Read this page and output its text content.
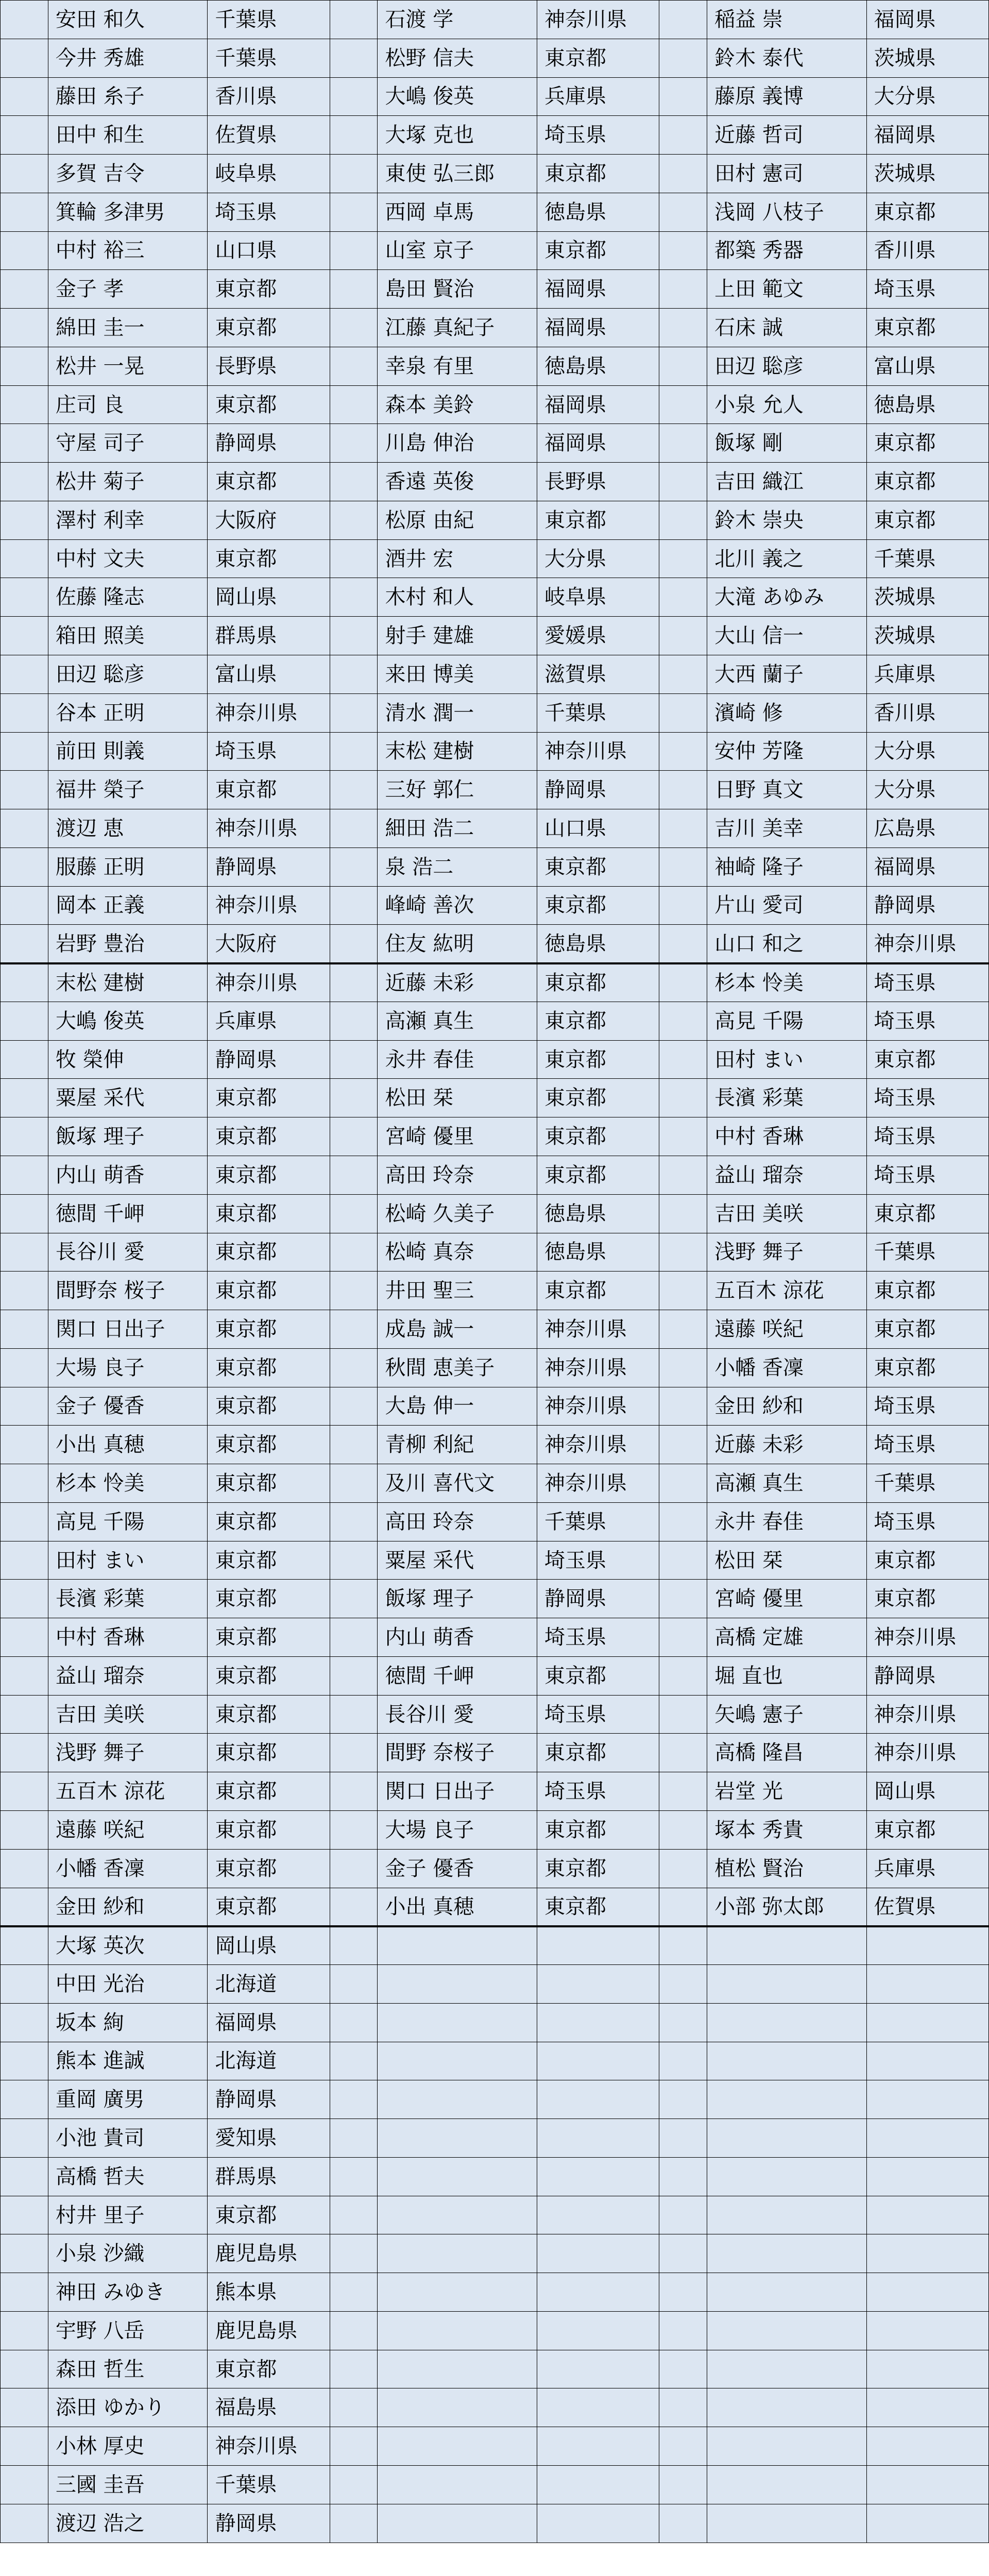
	安田 和久	千葉県		石渡 学	神奈川県		稲益 崇	福岡県
	今井 秀雄	千葉県		松野 信夫	東京都		鈴木 泰代	茨城県
	藤田 糸子	香川県		大嶋 俊英	兵庫県		藤原 義博	大分県
	田中 和生	佐賀県		大塚 克也	埼玉県		近藤 哲司	福岡県
	多賀 吉令	岐阜県		東使 弘三郎	東京都		田村 憲司	茨城県
	箕輪 多津男	埼玉県		西岡 卓馬	徳島県		浅岡 八枝子	東京都
	中村 裕三	山口県		山室 京子	東京都		都築 秀器	香川県
	金子 孝	東京都		島田 賢治	福岡県		上田 範文	埼玉県
	綿田 圭一	東京都		江藤 真紀子	福岡県		石床 誠	東京都
	松井 一晃	長野県		幸泉 有里	徳島県		田辺 聡彦	富山県
	庄司 良	東京都		森本 美鈴	福岡県		小泉 允人	徳島県
	守屋 司子	静岡県		川島 伸治	福岡県		飯塚 剛	東京都
	松井 菊子	東京都		香遠 英俊	長野県		吉田 織江	東京都
	澤村 利幸	大阪府		松原 由紀	東京都		鈴木 崇央	東京都
	中村 文夫	東京都		酒井 宏	大分県		北川 義之	千葉県
	佐藤 隆志	岡山県		木村 和人	岐阜県		大滝 あゆみ	茨城県
	箱田 照美	群馬県		射手 建雄	愛媛県		大山 信一	茨城県
	田辺 聡彦	富山県		来田 博美	滋賀県		大西 蘭子	兵庫県
	谷本 正明	神奈川県		清水 潤一	千葉県		濱崎 修	香川県
	前田 則義	埼玉県		末松 建樹	神奈川県		安仲 芳隆	大分県
	福井 榮子	東京都		三好 郭仁	静岡県		日野 真文	大分県
	渡辺 恵	神奈川県		細田 浩二	山口県		吉川 美幸	広島県
	服藤 正明	静岡県		泉 浩二	東京都		袖崎 隆子	福岡県
	岡本 正義	神奈川県		峰崎 善次	東京都		片山 愛司	静岡県
	岩野 豊治	大阪府		住友 紘明	徳島県		山口 和之	神奈川県
	末松 建樹	神奈川県		近藤 未彩	東京都		杉本 怜美	埼玉県
	大嶋 俊英	兵庫県		高瀬 真生	東京都		高見 千陽	埼玉県
	牧 榮伸	静岡県		永井 春佳	東京都		田村 まい	東京都
	粟屋 采代	東京都		松田 栞	東京都		長濱 彩葉	埼玉県
	飯塚 理子	東京都		宮崎 優里	東京都		中村 香琳	埼玉県
	内山 萌香	東京都		高田 玲奈	東京都		益山 瑠奈	埼玉県
	徳間 千岬	東京都		松崎 久美子	徳島県		吉田 美咲	東京都
	長谷川 愛	東京都		松崎 真奈	徳島県		浅野 舞子	千葉県
	間野奈 桜子	東京都		井田 聖三	東京都		五百木 涼花	東京都
	関口 日出子	東京都		成島 誠一	神奈川県		遠藤 咲紀	東京都
	大場 良子	東京都		秋間 恵美子	神奈川県		小幡 香凜	東京都
	金子 優香	東京都		大島 伸一	神奈川県		金田 紗和	埼玉県
	小出 真穂	東京都		青柳 利紀	神奈川県		近藤 未彩	埼玉県
	杉本 怜美	東京都		及川 喜代文	神奈川県		高瀬 真生	千葉県
	高見 千陽	東京都		高田 玲奈	千葉県		永井 春佳	埼玉県
	田村 まい	東京都		粟屋 采代	埼玉県		松田 栞	東京都
	長濱 彩葉	東京都		飯塚 理子	静岡県		宮崎 優里	東京都
	中村 香琳	東京都		内山 萌香	埼玉県		高橋 定雄	神奈川県
	益山 瑠奈	東京都		徳間 千岬	東京都		堀 直也	静岡県
	吉田 美咲	東京都		長谷川 愛	埼玉県		矢嶋 憲子	神奈川県
	浅野 舞子	東京都		間野 奈桜子	東京都		高橋 隆昌	神奈川県
	五百木 涼花	東京都		関口 日出子	埼玉県		岩堂 光	岡山県
	遠藤 咲紀	東京都		大場 良子	東京都		塚本 秀貴	東京都
	小幡 香凜	東京都		金子 優香	東京都		植松 賢治	兵庫県
	金田 紗和	東京都		小出 真穂	東京都		小部 弥太郎	佐賀県
	大塚 英次	岡山県						
	中田 光治	北海道						
	坂本 絢	福岡県						
	熊本 進誠	北海道						
	重岡 廣男	静岡県						
	小池 貴司	愛知県						
	高橋 哲夫	群馬県						
	村井 里子	東京都						
	小泉 沙織	鹿児島県						
	神田 みゆき	熊本県						
	宇野 八岳	鹿児島県						
	森田 哲生	東京都						
	添田 ゆかり	福島県						
	小林 厚史	神奈川県						
	三國 圭吾	千葉県						
	渡辺 浩之	静岡県						
